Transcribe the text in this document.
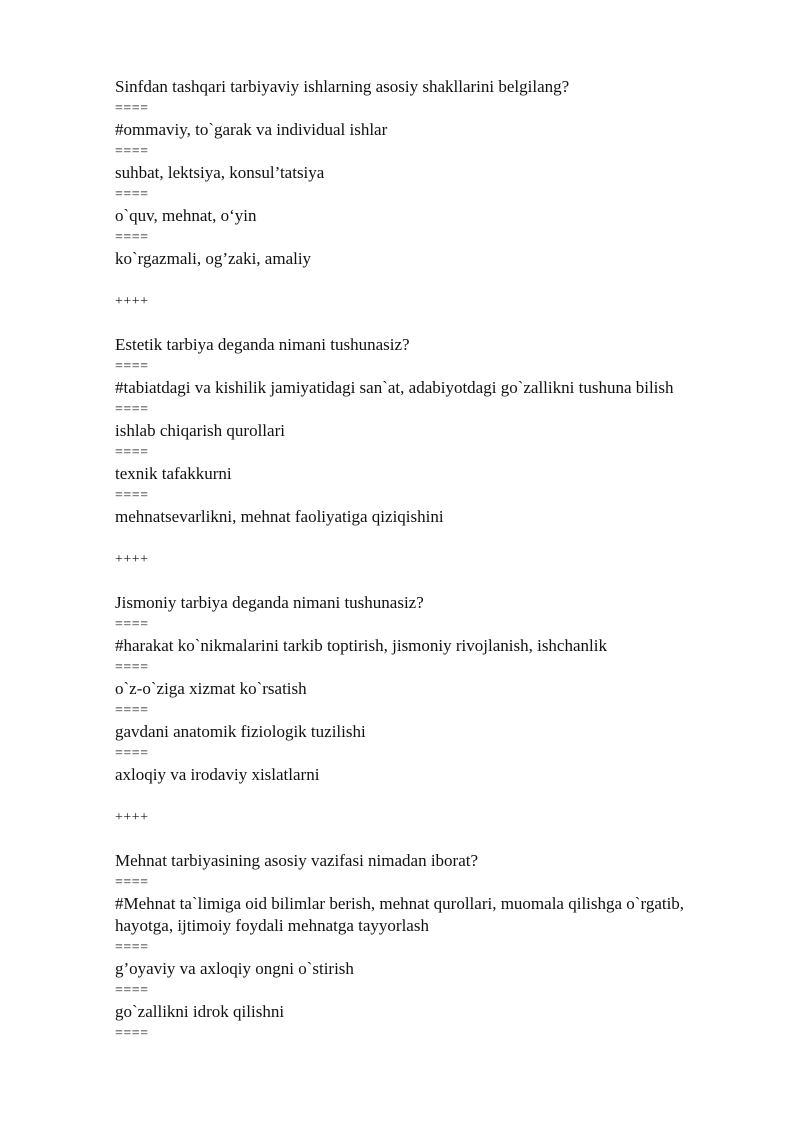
Sinfdan tashqari tarbiyaviy ishlarning asosiy shakllarini belgilang?
====
#ommaviy, to`garak va individual ishlar
====
suhbat, lektsiya, konsul’tatsiya
====
o`quv, mehnat, o‘yin
====
ko`rgazmali, og’zaki, amaliy
++++
Estetik tarbiya deganda nimani tushunasiz?
====
#tabiatdagi va kishilik jamiyatidagi san`at, adabiyotdagi go`zallikni tushuna bilish
====
ishlab chiqarish qurollari
====
texnik tafakkurni
====
mehnatsevarlikni, mehnat faoliyatiga qiziqishini
++++
Jismoniy tarbiya deganda nimani tushunasiz?
====
#harakat ko`nikmalarini tarkib toptirish, jismoniy rivojlanish, ishchanlik
====
o`z-o`ziga xizmat ko`rsatish
====
gavdani anatomik fiziologik tuzilishi
====
axloqiy va irodaviy xislatlarni
++++
Mehnat tarbiyasining asosiy vazifasi nimadan iborat?
====
#Mehnat ta`limiga oid bilimlar berish, mehnat qurollari, muomala qilishga o`rgatib, hayotga, ijtimoiy foydali mehnatga tayyorlash
====
g’oyaviy va axloqiy ongni o`stirish
====
go`zallikni idrok qilishni
====
